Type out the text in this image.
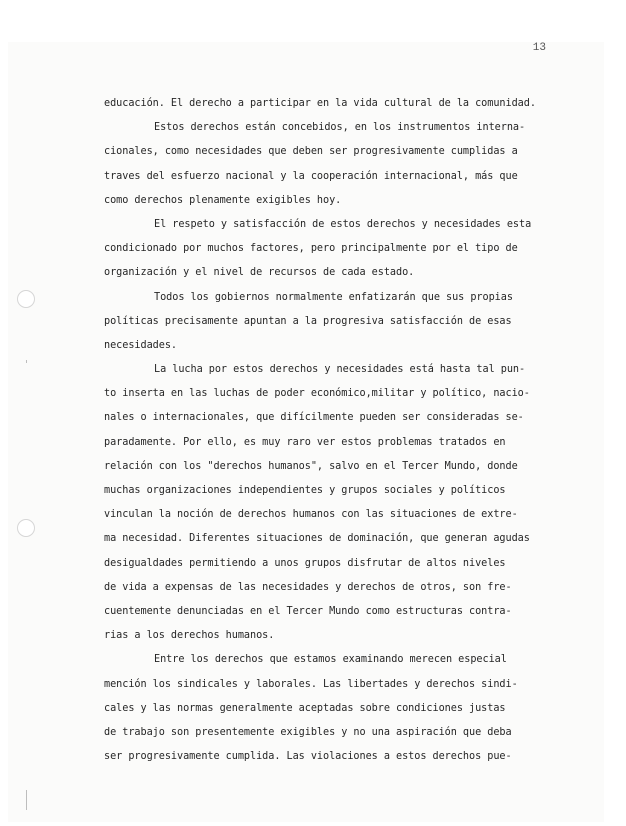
13
educación. El derecho a participar en la vida cultural de la comunidad.
Estos derechos están concebidos, en los instrumentos interna-
cionales, como necesidades que deben ser progresivamente cumplidas a
traves del esfuerzo nacional y la cooperación internacional, más que
como derechos plenamente exigibles hoy.
El respeto y satisfacción de estos derechos y necesidades esta
condicionado por muchos factores, pero principalmente por el tipo de
organización y el nivel de recursos de cada estado.
Todos los gobiernos normalmente enfatizarán que sus propias
políticas precisamente apuntan a la progresiva satisfacción de esas
necesidades.
La lucha por estos derechos y necesidades está hasta tal pun-
to inserta en las luchas de poder económico,militar y político, nacio-
nales o internacionales, que difícilmente pueden ser consideradas se-
paradamente. Por ello, es muy raro ver estos problemas tratados en
relación con los "derechos humanos", salvo en el Tercer Mundo, donde
muchas organizaciones independientes y grupos sociales y políticos
vinculan la noción de derechos humanos con las situaciones de extre-
ma necesidad. Diferentes situaciones de dominación, que generan agudas
desigualdades permitiendo a unos grupos disfrutar de altos niveles
de vida a expensas de las necesidades y derechos de otros, son fre-
cuentemente denunciadas en el Tercer Mundo como estructuras contra-
rias a los derechos humanos.
Entre los derechos que estamos examinando merecen especial
mención los sindicales y laborales. Las libertades y derechos sindi-
cales y las normas generalmente aceptadas sobre condiciones justas
de trabajo son presentemente exigibles y no una aspiración que deba
ser progresivamente cumplida. Las violaciones a estos derechos pue-
